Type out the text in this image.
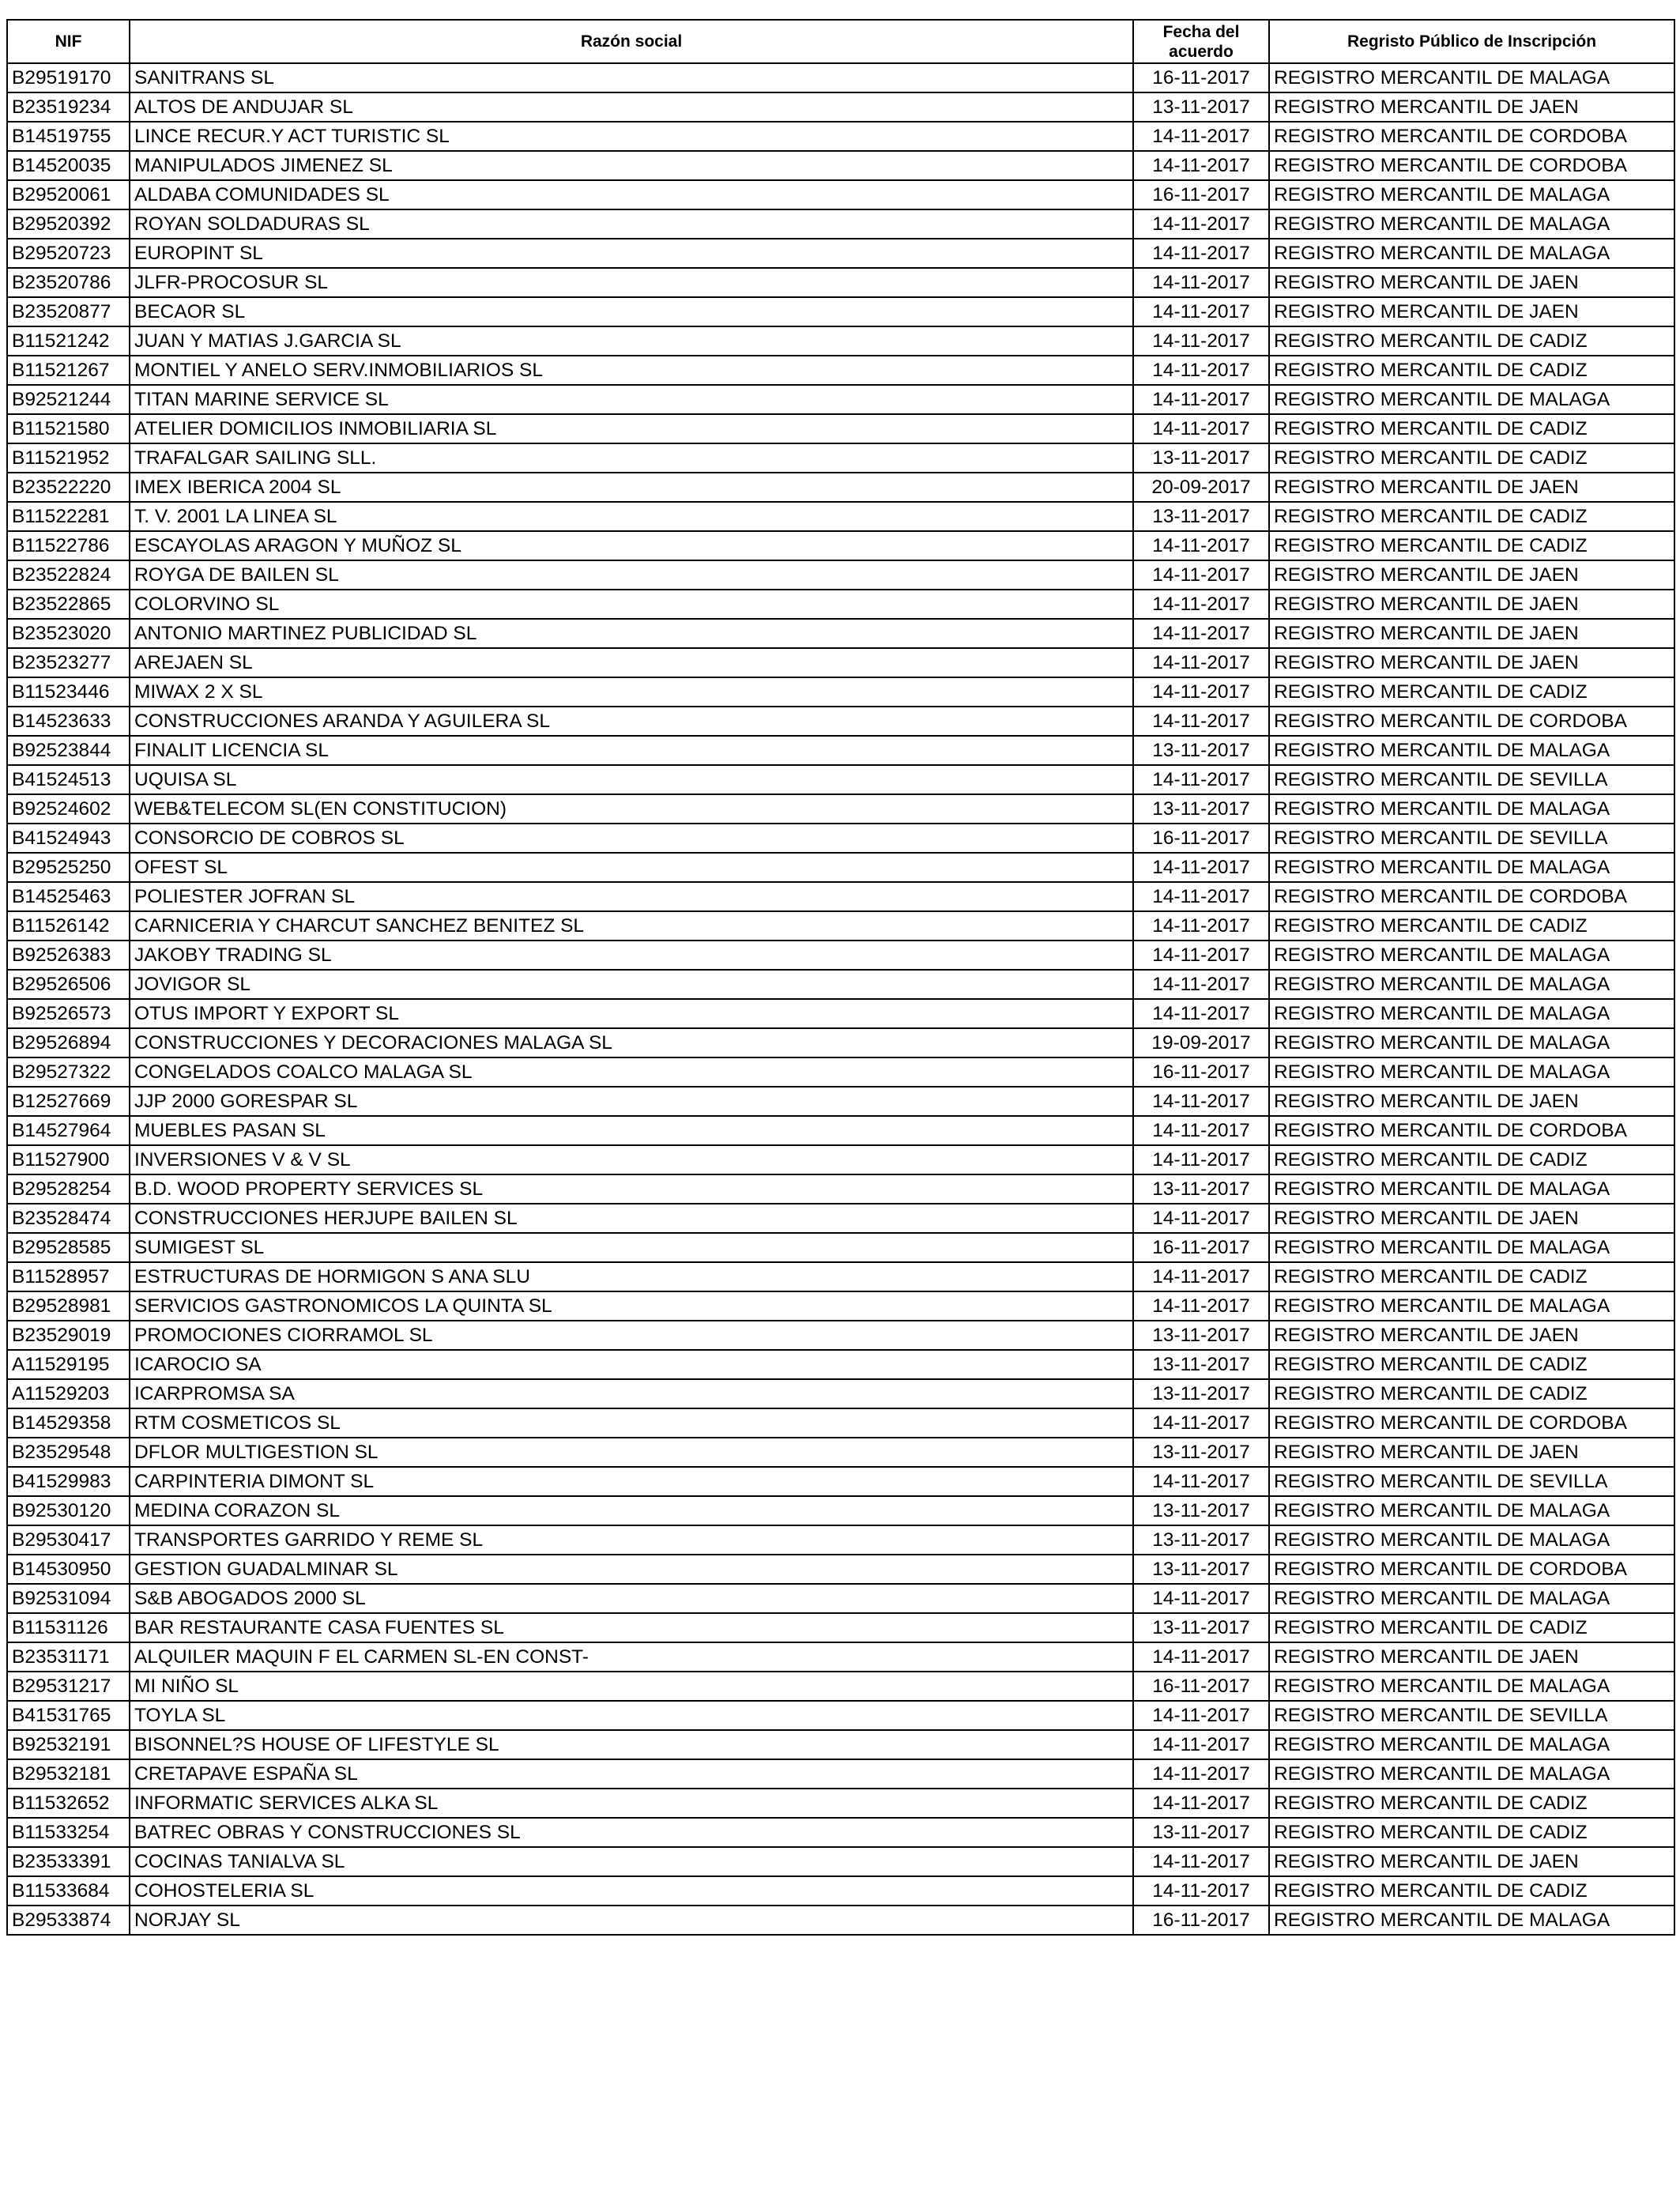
NIF	Razón social	Fecha del acuerdo	Regristo Público de Inscripción
B29519170	SANITRANS SL	16-11-2017	REGISTRO MERCANTIL DE MALAGA
B23519234	ALTOS DE ANDUJAR SL	13-11-2017	REGISTRO MERCANTIL DE JAEN
B14519755	LINCE RECUR.Y ACT TURISTIC SL	14-11-2017	REGISTRO MERCANTIL DE CORDOBA
B14520035	MANIPULADOS JIMENEZ SL	14-11-2017	REGISTRO MERCANTIL DE CORDOBA
B29520061	ALDABA COMUNIDADES SL	16-11-2017	REGISTRO MERCANTIL DE MALAGA
B29520392	ROYAN SOLDADURAS SL	14-11-2017	REGISTRO MERCANTIL DE MALAGA
B29520723	EUROPINT SL	14-11-2017	REGISTRO MERCANTIL DE MALAGA
B23520786	JLFR-PROCOSUR SL	14-11-2017	REGISTRO MERCANTIL DE JAEN
B23520877	BECAOR SL	14-11-2017	REGISTRO MERCANTIL DE JAEN
B11521242	JUAN Y MATIAS J.GARCIA SL	14-11-2017	REGISTRO MERCANTIL DE CADIZ
B11521267	MONTIEL Y ANELO SERV.INMOBILIARIOS SL	14-11-2017	REGISTRO MERCANTIL DE CADIZ
B92521244	TITAN MARINE SERVICE SL	14-11-2017	REGISTRO MERCANTIL DE MALAGA
B11521580	ATELIER DOMICILIOS INMOBILIARIA SL	14-11-2017	REGISTRO MERCANTIL DE CADIZ
B11521952	TRAFALGAR SAILING SLL.	13-11-2017	REGISTRO MERCANTIL DE CADIZ
B23522220	IMEX IBERICA 2004 SL	20-09-2017	REGISTRO MERCANTIL DE JAEN
B11522281	T. V. 2001 LA LINEA SL	13-11-2017	REGISTRO MERCANTIL DE CADIZ
B11522786	ESCAYOLAS ARAGON Y MUÑOZ SL	14-11-2017	REGISTRO MERCANTIL DE CADIZ
B23522824	ROYGA DE BAILEN SL	14-11-2017	REGISTRO MERCANTIL DE JAEN
B23522865	COLORVINO SL	14-11-2017	REGISTRO MERCANTIL DE JAEN
B23523020	ANTONIO MARTINEZ PUBLICIDAD SL	14-11-2017	REGISTRO MERCANTIL DE JAEN
B23523277	AREJAEN SL	14-11-2017	REGISTRO MERCANTIL DE JAEN
B11523446	MIWAX 2 X SL	14-11-2017	REGISTRO MERCANTIL DE CADIZ
B14523633	CONSTRUCCIONES ARANDA Y AGUILERA SL	14-11-2017	REGISTRO MERCANTIL DE CORDOBA
B92523844	FINALIT LICENCIA SL	13-11-2017	REGISTRO MERCANTIL DE MALAGA
B41524513	UQUISA SL	14-11-2017	REGISTRO MERCANTIL DE SEVILLA
B92524602	WEB&TELECOM SL(EN CONSTITUCION)	13-11-2017	REGISTRO MERCANTIL DE MALAGA
B41524943	CONSORCIO DE COBROS SL	16-11-2017	REGISTRO MERCANTIL DE SEVILLA
B29525250	OFEST SL	14-11-2017	REGISTRO MERCANTIL DE MALAGA
B14525463	POLIESTER JOFRAN SL	14-11-2017	REGISTRO MERCANTIL DE CORDOBA
B11526142	CARNICERIA Y CHARCUT SANCHEZ BENITEZ SL	14-11-2017	REGISTRO MERCANTIL DE CADIZ
B92526383	JAKOBY TRADING SL	14-11-2017	REGISTRO MERCANTIL DE MALAGA
B29526506	JOVIGOR SL	14-11-2017	REGISTRO MERCANTIL DE MALAGA
B92526573	OTUS IMPORT Y EXPORT SL	14-11-2017	REGISTRO MERCANTIL DE MALAGA
B29526894	CONSTRUCCIONES Y DECORACIONES MALAGA SL	19-09-2017	REGISTRO MERCANTIL DE MALAGA
B29527322	CONGELADOS COALCO MALAGA SL	16-11-2017	REGISTRO MERCANTIL DE MALAGA
B12527669	JJP 2000 GORESPAR SL	14-11-2017	REGISTRO MERCANTIL DE JAEN
B14527964	MUEBLES PASAN SL	14-11-2017	REGISTRO MERCANTIL DE CORDOBA
B11527900	INVERSIONES V & V SL	14-11-2017	REGISTRO MERCANTIL DE CADIZ
B29528254	B.D. WOOD PROPERTY SERVICES SL	13-11-2017	REGISTRO MERCANTIL DE MALAGA
B23528474	CONSTRUCCIONES HERJUPE BAILEN SL	14-11-2017	REGISTRO MERCANTIL DE JAEN
B29528585	SUMIGEST SL	16-11-2017	REGISTRO MERCANTIL DE MALAGA
B11528957	ESTRUCTURAS DE HORMIGON S ANA SLU	14-11-2017	REGISTRO MERCANTIL DE CADIZ
B29528981	SERVICIOS GASTRONOMICOS LA QUINTA SL	14-11-2017	REGISTRO MERCANTIL DE MALAGA
B23529019	PROMOCIONES CIORRAMOL SL	13-11-2017	REGISTRO MERCANTIL DE JAEN
A11529195	ICAROCIO SA	13-11-2017	REGISTRO MERCANTIL DE CADIZ
A11529203	ICARPROMSA SA	13-11-2017	REGISTRO MERCANTIL DE CADIZ
B14529358	RTM COSMETICOS SL	14-11-2017	REGISTRO MERCANTIL DE CORDOBA
B23529548	DFLOR MULTIGESTION SL	13-11-2017	REGISTRO MERCANTIL DE JAEN
B41529983	CARPINTERIA DIMONT SL	14-11-2017	REGISTRO MERCANTIL DE SEVILLA
B92530120	MEDINA CORAZON SL	13-11-2017	REGISTRO MERCANTIL DE MALAGA
B29530417	TRANSPORTES GARRIDO Y REME SL	13-11-2017	REGISTRO MERCANTIL DE MALAGA
B14530950	GESTION GUADALMINAR SL	13-11-2017	REGISTRO MERCANTIL DE CORDOBA
B92531094	S&B ABOGADOS 2000 SL	14-11-2017	REGISTRO MERCANTIL DE MALAGA
B11531126	BAR RESTAURANTE CASA FUENTES SL	13-11-2017	REGISTRO MERCANTIL DE CADIZ
B23531171	ALQUILER MAQUIN F EL CARMEN SL-EN CONST-	14-11-2017	REGISTRO MERCANTIL DE JAEN
B29531217	MI NIÑO SL	16-11-2017	REGISTRO MERCANTIL DE MALAGA
B41531765	TOYLA SL	14-11-2017	REGISTRO MERCANTIL DE SEVILLA
B92532191	BISONNEL?S HOUSE OF LIFESTYLE SL	14-11-2017	REGISTRO MERCANTIL DE MALAGA
B29532181	CRETAPAVE ESPAÑA SL	14-11-2017	REGISTRO MERCANTIL DE MALAGA
B11532652	INFORMATIC SERVICES ALKA SL	14-11-2017	REGISTRO MERCANTIL DE CADIZ
B11533254	BATREC OBRAS Y CONSTRUCCIONES SL	13-11-2017	REGISTRO MERCANTIL DE CADIZ
B23533391	COCINAS TANIALVA SL	14-11-2017	REGISTRO MERCANTIL DE JAEN
B11533684	COHOSTELERIA SL	14-11-2017	REGISTRO MERCANTIL DE CADIZ
B29533874	NORJAY SL	16-11-2017	REGISTRO MERCANTIL DE MALAGA
